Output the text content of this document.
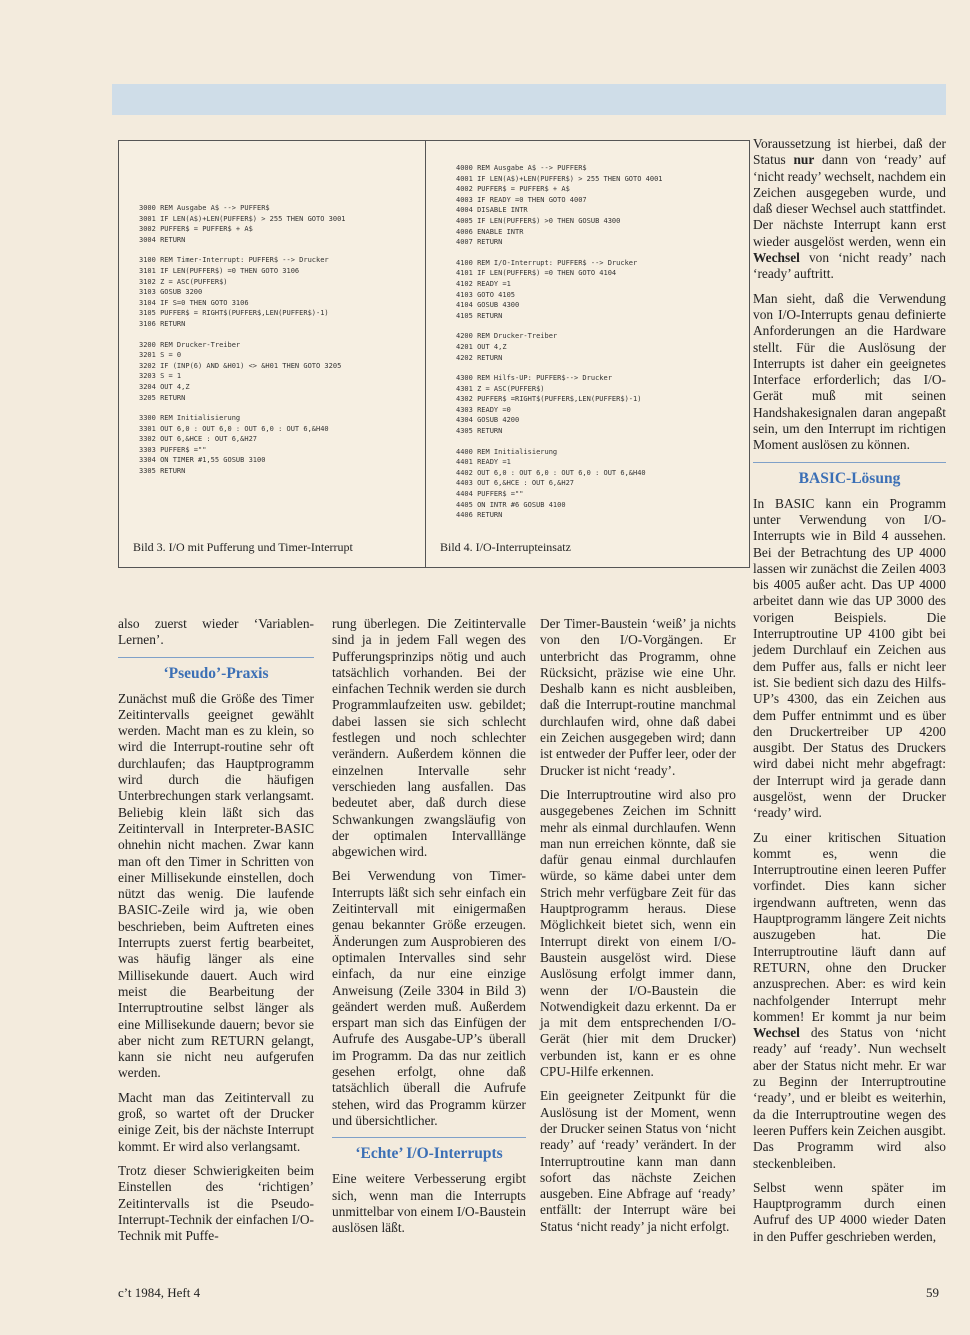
3000 REM Ausgabe A$ --> PUFFER$
3001 IF LEN(A$)+LEN(PUFFER$) > 255 THEN GOTO 3001
3002 PUFFER$ = PUFFER$ + A$
3004 RETURN
3100 REM Timer-Interrupt: PUFFER$ --> Drucker
3101 IF LEN(PUFFER$) =0 THEN GOTO 3106
3102 Z = ASC(PUFFER$)
3103 GOSUB 3200
3104 IF S=0 THEN GOTO 3106
3105 PUFFER$ = RIGHT$(PUFFER$,LEN(PUFFER$)-1)
3106 RETURN
3200 REM Drucker-Treiber
3201 S = 0
3202 IF (INP(6) AND &H01) <> &H01 THEN GOTO 3205
3203 S = 1
3204 OUT 4,Z
3205 RETURN
3300 REM Initialisierung
3301 OUT 6,0 : OUT 6,0 : OUT 6,0 : OUT 6,&H40
3302 OUT 6,&HCE : OUT 6,&H27
3303 PUFFER$ =""
3304 ON TIMER #1,55 GOSUB 3100
3305 RETURN
4000 REM Ausgabe A$ --> PUFFER$
4001 IF LEN(A$)+LEN(PUFFER$) > 255 THEN GOTO 4001
4002 PUFFER$ = PUFFER$ + A$
4003 IF READY =0 THEN GOTO 4007
4004 DISABLE INTR
4005 IF LEN(PUFFER$) >0 THEN GOSUB 4300
4006 ENABLE INTR
4007 RETURN
4100 REM I/O-Interrupt: PUFFER$ --> Drucker
4101 IF LEN(PUFFER$) =0 THEN GOTO 4104
4102 READY =1
4103 GOTO 4105
4104 GOSUB 4300
4105 RETURN
4200 REM Drucker-Treiber
4201 OUT 4,Z
4202 RETURN
4300 REM Hilfs-UP: PUFFER$--> Drucker
4301 Z = ASC(PUFFER$)
4302 PUFFER$ =RIGHT$(PUFFER$,LEN(PUFFER$)-1)
4303 READY =0
4304 GOSUB 4200
4305 RETURN
4400 REM Initialisierung
4401 READY =1
4402 OUT 6,0 : OUT 6,0 : OUT 6,0 : OUT 6,&H40
4403 OUT 6,&HCE : OUT 6,&H27
4404 PUFFER$ =""
4405 ON INTR #6 GOSUB 4100
4406 RETURN
Bild 3. I/O mit Pufferung und Timer-Interrupt	Bild 4. I/O-Interrupteinsatz

also zuerst wieder ‘Variablen-Lernen’.

‘Pseudo’-Praxis

Zunächst muß die Größe des Timer Zeitintervalls geeignet gewählt werden. Macht man es zu klein, so wird die Interrupt-routine sehr oft durchlaufen; das Hauptprogramm wird durch die häufigen Unterbrechungen stark verlangsamt. Beliebig klein läßt sich das Zeitintervall in Interpreter-BASIC ohnehin nicht machen. Zwar kann man oft den Timer in Schritten von einer Millisekunde einstellen, doch nützt das wenig. Die laufende BASIC-Zeile wird ja, wie oben beschrieben, beim Auftreten eines Interrupts zuerst fertig bearbeitet, was häufig länger als eine Millisekunde dauert. Auch wird meist die Bearbeitung der Interruptroutine selbst länger als eine Millisekunde dauern; bevor sie aber nicht zum RETURN gelangt, kann sie nicht neu aufgerufen werden.

Macht man das Zeitintervall zu groß, so wartet oft der Drucker einige Zeit, bis der nächste Interrupt kommt. Er wird also verlangsamt.

Trotz dieser Schwierigkeiten beim Einstellen des ‘richtigen’ Zeitintervalls ist die Pseudo-Interrupt-Technik der einfachen I/O-Technik mit Puffe-

rung überlegen. Die Zeitintervalle sind ja in jedem Fall wegen des Pufferungsprinzips nötig und auch tatsächlich vorhanden. Bei der einfachen Technik werden sie durch Programmlaufzeiten usw. gebildet; dabei lassen sie sich schlecht festlegen und noch schlechter verändern. Außerdem können die einzelnen Intervalle sehr verschieden lang ausfallen. Das bedeutet aber, daß durch diese Schwankungen zwangsläufig von der optimalen Intervalllänge abgewichen wird.

Bei Verwendung von Timer-Interrupts läßt sich sehr einfach ein Zeitintervall mit einigermaßen genau bekannter Größe erzeugen. Änderungen zum Ausprobieren des optimalen Intervalles sind sehr einfach, da nur eine einzige Anweisung (Zeile 3304 in Bild 3) geändert werden muß. Außerdem erspart man sich das Einfügen der Aufrufe des Ausgabe-UP’s überall im Programm. Da das nur zeitlich gesehen erfolgt, ohne daß tatsächlich überall die Aufrufe stehen, wird das Programm kürzer und übersichtlicher.

‘Echte’ I/O-Interrupts

Eine weitere Verbesserung ergibt sich, wenn man die Interrupts unmittelbar von einem I/O-Baustein auslösen läßt.

Der Timer-Baustein ‘weiß’ ja nichts von den I/O-Vorgängen. Er unterbricht das Programm, ohne Rücksicht, präzise wie eine Uhr. Deshalb kann es nicht ausbleiben, daß die Interrupt-routine manchmal durchlaufen wird, ohne daß dabei ein Zeichen ausgegeben wird; dann ist entweder der Puffer leer, oder der Drucker ist nicht ‘ready’.

Die Interruptroutine wird also pro ausgegebenes Zeichen im Schnitt mehr als einmal durchlaufen. Wenn man nun erreichen könnte, daß sie dafür genau einmal durchlaufen würde, so käme dabei unter dem Strich mehr verfügbare Zeit für das Hauptprogramm heraus. Diese Möglichkeit bietet sich, wenn ein Interrupt direkt von einem I/O-Baustein ausgelöst wird. Diese Auslösung erfolgt immer dann, wenn der I/O-Baustein die Notwendigkeit dazu erkennt. Da er ja mit dem entsprechenden I/O-Gerät (hier mit dem Drucker) verbunden ist, kann er es ohne CPU-Hilfe erkennen.

Ein geeigneter Zeitpunkt für die Auslösung ist der Moment, wenn der Drucker seinen Status von ‘nicht ready’ auf ‘ready’ verändert. In der Interruptroutine kann man dann sofort das nächste Zeichen ausgeben. Eine Abfrage auf ‘ready’ entfällt: der Interrupt wäre bei Status ‘nicht ready’ ja nicht erfolgt.

Voraussetzung ist hierbei, daß der Status nur dann von ‘ready’ auf ‘nicht ready’ wechselt, nachdem ein Zeichen ausgegeben wurde, und daß dieser Wechsel auch stattfindet. Der nächste Interrupt kann erst wieder ausgelöst werden, wenn ein Wechsel von ‘nicht ready’ nach ‘ready’ auftritt.

Man sieht, daß die Verwendung von I/O-Interrupts genau definierte Anforderungen an die Hardware stellt. Für die Auslösung der Interrupts ist daher ein geeignetes Interface erforderlich; das I/O-Gerät muß mit seinen Handshakesignalen daran angepaßt sein, um den Interrupt im richtigen Moment auslösen zu können.

BASIC-Lösung

In BASIC kann ein Programm unter Verwendung von I/O-Interrupts wie in Bild 4 aussehen. Bei der Betrachtung des UP 4000 lassen wir zunächst die Zeilen 4003 bis 4005 außer acht. Das UP 4000 arbeitet dann wie das UP 3000 des vorigen Beispiels. Die Interruptroutine UP 4100 gibt bei jedem Durchlauf ein Zeichen aus dem Puffer aus, falls er nicht leer ist. Sie bedient sich dazu des Hilfs-UP’s 4300, das ein Zeichen aus dem Puffer entnimmt und es über den Druckertreiber UP 4200 ausgibt. Der Status des Druckers wird dabei nicht mehr abgefragt: der Interrupt wird ja gerade dann ausgelöst, wenn der Drucker ‘ready’ wird.

Zu einer kritischen Situation kommt es, wenn die Interruptroutine einen leeren Puffer vorfindet. Dies kann sicher irgendwann auftreten, wenn das Hauptprogramm längere Zeit nichts auszugeben hat. Die Interruptroutine läuft dann auf RETURN, ohne den Drucker anzusprechen. Aber: es wird kein nachfolgender Interrupt mehr kommen! Er kommt ja nur beim Wechsel des Status von ‘nicht ready’ auf ‘ready’. Nun wechselt aber der Status nicht mehr. Er war zu Beginn der Interruptroutine ‘ready’, und er bleibt es weiterhin, da die Interruptroutine wegen des leeren Puffers kein Zeichen ausgibt. Das Programm wird also steckenbleiben.

Selbst wenn später im Hauptprogramm durch einen Aufruf des UP 4000 wieder Daten in den Puffer geschrieben werden,

c’t 1984, Heft 4	59
